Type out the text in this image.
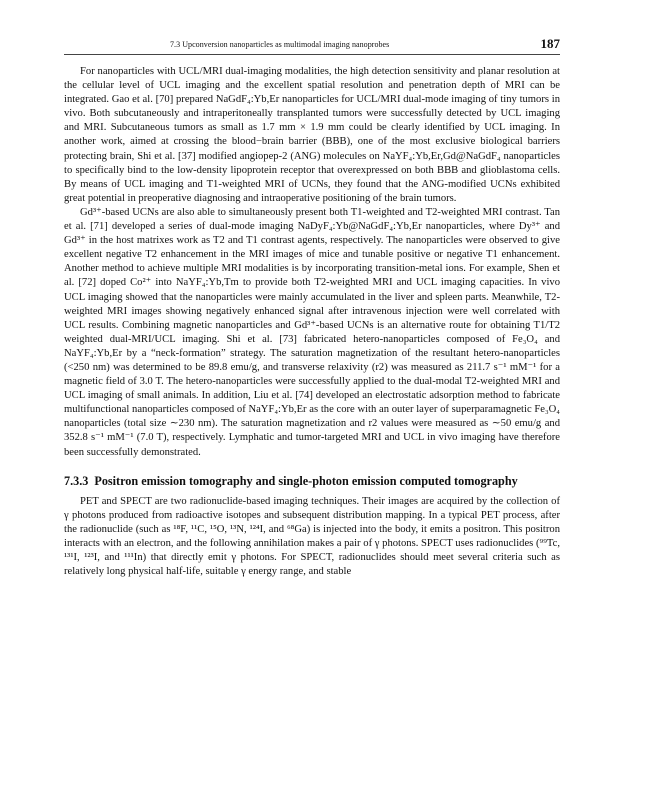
7.3 Upconversion nanoparticles as multimodal imaging nanoprobes	187

For nanoparticles with UCL/MRI dual-imaging modalities, the high detection sensitivity and planar resolution at the cellular level of UCL imaging and the excellent spatial resolution and penetration depth of MRI can be integrated. Gao et al. [70] prepared NaGdF₄:Yb,Er nanoparticles for UCL/MRI dual-mode imaging of tiny tumors in vivo. Both subcutaneously and intraperitoneally transplanted tumors were successfully detected by UCL imaging and MRI. Subcutaneous tumors as small as 1.7 mm × 1.9 mm could be clearly identified by UCL imaging. In another work, aimed at crossing the blood−brain barrier (BBB), one of the most exclusive biological barriers protecting brain, Shi et al. [37] modified angiopep-2 (ANG) molecules on NaYF₄:Yb,Er,Gd@NaGdF₄ nanoparticles to specifically bind to the low-density lipoprotein receptor that overexpressed on both BBB and glioblastoma cells. By means of UCL imaging and T1-weighted MRI of UCNs, they found that the ANG-modified UCNs exhibited great potential in preoperative diagnosing and intraoperative positioning of the brain tumors.

Gd³⁺-based UCNs are also able to simultaneously present both T1-weighted and T2-weighted MRI contrast. Tan et al. [71] developed a series of dual-mode imaging NaDyF₄:Yb@NaGdF₄:Yb,Er nanoparticles, where Dy³⁺ and Gd³⁺ in the host matrixes work as T2 and T1 contrast agents, respectively. The nanoparticles were observed to give excellent negative T2 enhancement in the MRI images of mice and tunable positive or negative T1 enhancement. Another method to achieve multiple MRI modalities is by incorporating transition-metal ions. For example, Shen et al. [72] doped Co²⁺ into NaYF₄:Yb,Tm to provide both T2-weighted MRI and UCL imaging capacities. In vivo UCL imaging showed that the nanoparticles were mainly accumulated in the liver and spleen parts. Meanwhile, T2-weighted MRI images showing negatively enhanced signal after intravenous injection were well correlated with UCL results. Combining magnetic nanoparticles and Gd³⁺-based UCNs is an alternative route for obtaining T1/T2 weighted dual-MRI/UCL imaging. Shi et al. [73] fabricated hetero-nanoparticles composed of Fe₃O₄ and NaYF₄:Yb,Er by a “neck-formation” strategy. The saturation magnetization of the resultant hetero-nanoparticles (<250 nm) was determined to be 89.8 emu/g, and transverse relaxivity (r2) was measured as 211.7 s⁻¹ mM⁻¹ for a magnetic field of 3.0 T. The hetero-nanoparticles were successfully applied to the dual-modal T2-weighted MRI and UCL imaging of small animals. In addition, Liu et al. [74] developed an electrostatic adsorption method to fabricate multifunctional nanoparticles composed of NaYF₄:Yb,Er as the core with an outer layer of superparamagnetic Fe₃O₄ nanoparticles (total size ∼230 nm). The saturation magnetization and r2 values were measured as ∼50 emu/g and 352.8 s⁻¹ mM⁻¹ (7.0 T), respectively. Lymphatic and tumor-targeted MRI and UCL in vivo imaging have therefore been successfully demonstrated.

7.3.3 Positron emission tomography and single-photon emission computed tomography

PET and SPECT are two radionuclide-based imaging techniques. Their images are acquired by the collection of γ photons produced from radioactive isotopes and subsequent distribution mapping. In a typical PET process, after the radionuclide (such as ¹⁸F, ¹¹C, ¹⁵O, ¹³N, ¹²⁴I, and ⁶⁸Ga) is injected into the body, it emits a positron. This positron interacts with an electron, and the following annihilation makes a pair of γ photons. SPECT uses radionuclides (⁹⁹Tc, ¹³¹I, ¹²³I, and ¹¹¹In) that directly emit γ photons. For SPECT, radionuclides should meet several criteria such as relatively long physical half-life, suitable γ energy range, and stable
